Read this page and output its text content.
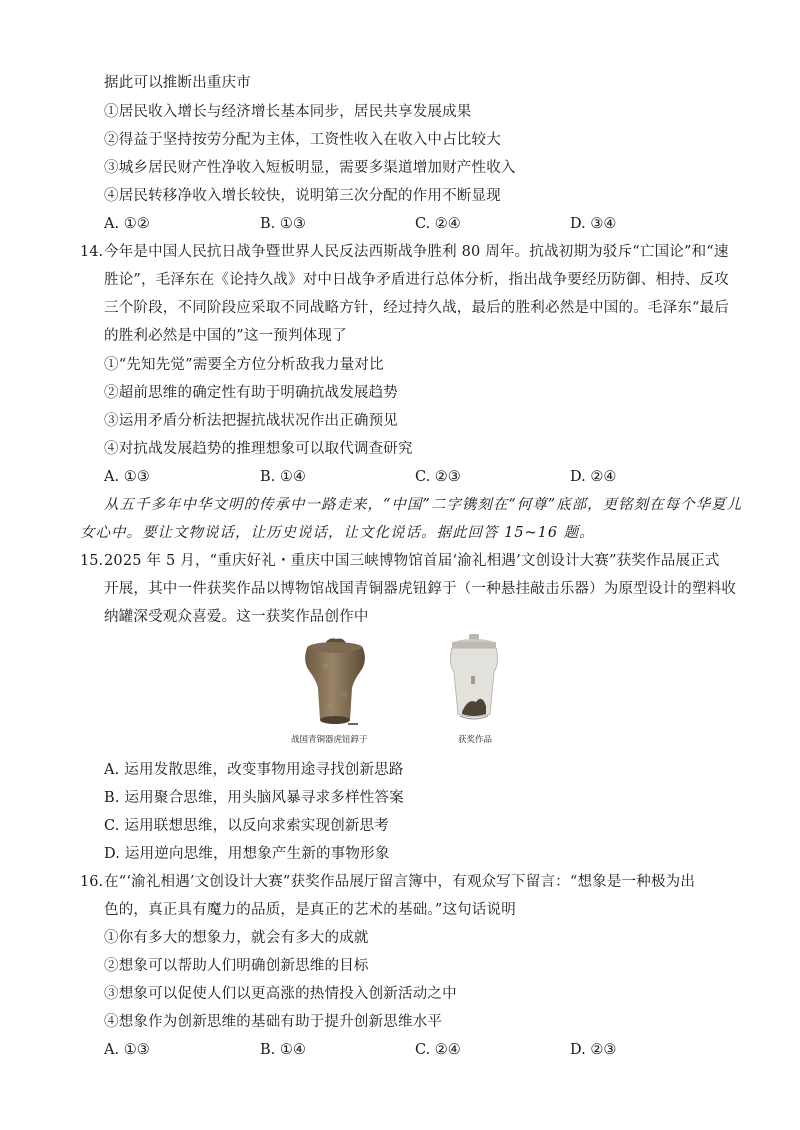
据此可以推断出重庆市
①居民收入增长与经济增长基本同步，居民共享发展成果
②得益于坚持按劳分配为主体，工资性收入在收入中占比较大
③城乡居民财产性净收入短板明显，需要多渠道增加财产性收入
④居民转移净收入增长较快，说明第三次分配的作用不断显现
A. ①②	B. ①③	C. ②④	D. ③④
14. 今年是中国人民抗日战争暨世界人民反法西斯战争胜利 80 周年。抗战初期为驳斥“亡国论”和“速
胜论”，毛泽东在《论持久战》对中日战争矛盾进行总体分析，指出战争要经历防御、相持、反攻
三个阶段，不同阶段应采取不同战略方针，经过持久战，最后的胜利必然是中国的。毛泽东“最后
的胜利必然是中国的”这一预判体现了
①“先知先觉”需要全方位分析敌我力量对比
②超前思维的确定性有助于明确抗战发展趋势
③运用矛盾分析法把握抗战状况作出正确预见
④对抗战发展趋势的推理想象可以取代调查研究
A. ①③	B. ①④	C. ②③	D. ②④
从五千多年中华文明的传承中一路走来，“中国”二字镌刻在“何尊”底部，更铭刻在每个华夏儿
女心中。要让文物说话，让历史说话，让文化说话。据此回答 15~16 题。
15. 2025 年 5 月，“重庆好礼・重庆中国三峡博物馆首届‘渝礼相遇’文创设计大赛”获奖作品展正式
开展，其中一件获奖作品以博物馆战国青铜器虎钮錞于（一种悬挂敲击乐器）为原型设计的塑料收
纳罐深受观众喜爱。这一获奖作品创作中
战国青铜器虎钮錞于	获奖作品
A. 运用发散思维，改变事物用途寻找创新思路
B. 运用聚合思维，用头脑风暴寻求多样性答案
C. 运用联想思维，以反向求索实现创新思考
D. 运用逆向思维，用想象产生新的事物形象
16. 在“‘渝礼相遇’文创设计大赛”获奖作品展厅留言簿中，有观众写下留言：“想象是一种极为出
色的，真正具有魔力的品质，是真正的艺术的基础。”这句话说明
①你有多大的想象力，就会有多大的成就
②想象可以帮助人们明确创新思维的目标
③想象可以促使人们以更高涨的热情投入创新活动之中
④想象作为创新思维的基础有助于提升创新思维水平
A. ①③	B. ①④	C. ②④	D. ②③
